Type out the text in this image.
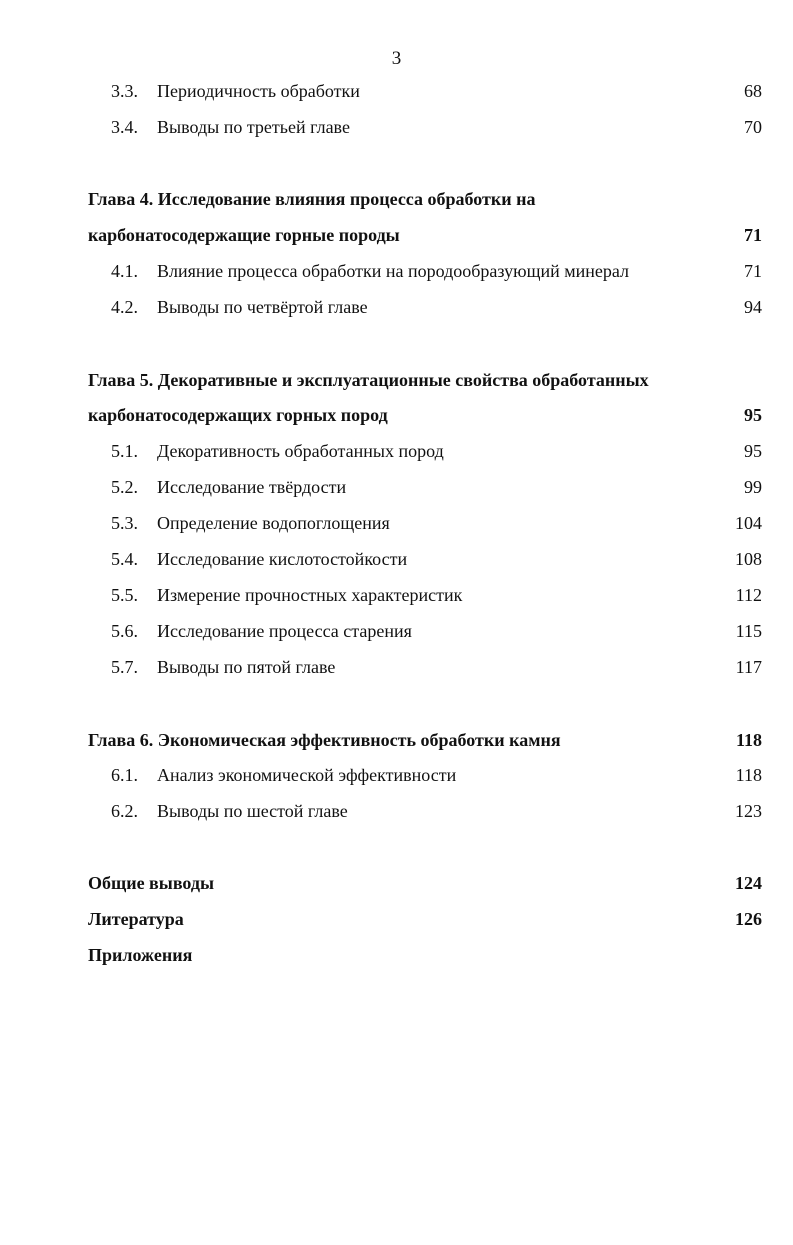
3
3.3. Периодичность обработки	68
3.4. Выводы по третьей главе	70
Глава 4. Исследование влияния процесса обработки на
карбонатосодержащие горные породы	71
4.1. Влияние процесса обработки на породообразующий минерал	71
4.2. Выводы по четвёртой главе	94
Глава 5. Декоративные и эксплуатационные свойства обработанных
карбонатосодержащих горных пород	95
5.1. Декоративность обработанных пород	95
5.2. Исследование твёрдости	99
5.3. Определение водопоглощения	104
5.4. Исследование кислотостойкости	108
5.5. Измерение прочностных характеристик	112
5.6. Исследование процесса старения	115
5.7. Выводы по пятой главе	117
Глава 6. Экономическая эффективность обработки камня	118
6.1. Анализ экономической эффективности	118
6.2. Выводы по шестой главе	123
Общие выводы	124
Литература	126
Приложения
